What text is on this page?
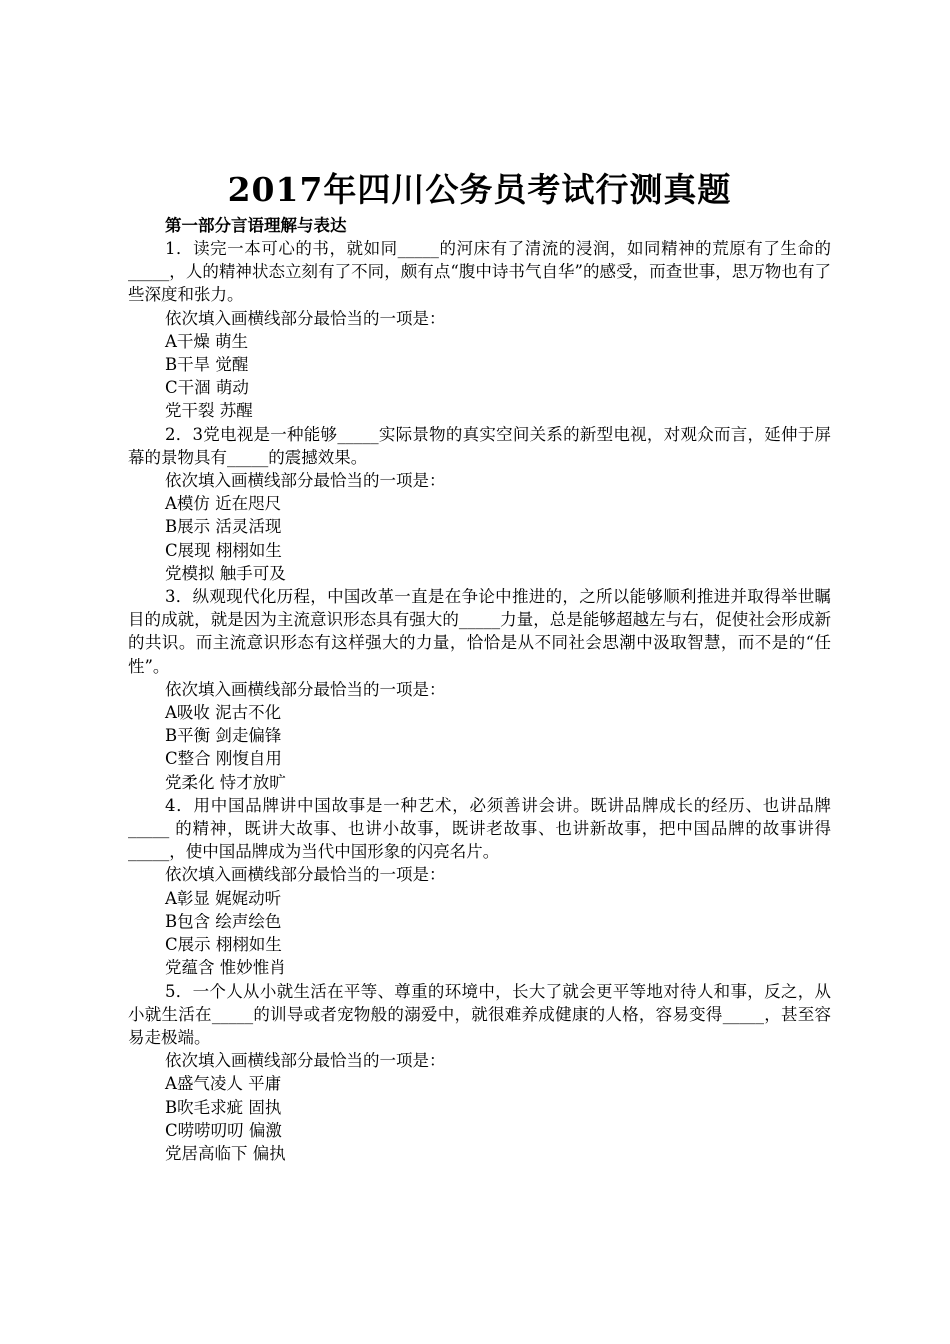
2017年四川公务员考试行测真题

第一部分言语理解与表达

1．读完一本可心的书，就如同_____的河床有了清流的浸润，如同精神的荒原有了生命的_____，人的精神状态立刻有了不同，颇有点“腹中诗书气自华”的感受，而查世事，思万物也有了些深度和张力。

依次填入画横线部分最恰当的一项是：

A干燥 萌生

B干旱 觉醒

C干涸 萌动

党干裂 苏醒

2．3党电视是一种能够_____实际景物的真实空间关系的新型电视，对观众而言，延伸于屏幕的景物具有_____的震撼效果。

依次填入画横线部分最恰当的一项是：

A模仿 近在咫尺

B展示 活灵活现

C展现 栩栩如生

党模拟 触手可及

3．纵观现代化历程，中国改革一直是在争论中推进的，之所以能够顺利推进并取得举世瞩目的成就，就是因为主流意识形态具有强大的_____力量，总是能够超越左与右，促使社会形成新的共识。而主流意识形态有这样强大的力量，恰恰是从不同社会思潮中汲取智慧，而不是的“任性”。

依次填入画横线部分最恰当的一项是：

A吸收 泥古不化

B平衡 剑走偏锋

C整合 刚愎自用

党柔化 恃才放旷

4．用中国品牌讲中国故事是一种艺术，必须善讲会讲。既讲品牌成长的经历、也讲品牌_____ 的精神，既讲大故事、也讲小故事，既讲老故事、也讲新故事，把中国品牌的故事讲得_____，使中国品牌成为当代中国形象的闪亮名片。

依次填入画横线部分最恰当的一项是：

A彰显 娓娓动听

B包含 绘声绘色

C展示 栩栩如生

党蕴含 惟妙惟肖

5．一个人从小就生活在平等、尊重的环境中，长大了就会更平等地对待人和事，反之，从小就生活在_____的训导或者宠物般的溺爱中，就很难养成健康的人格，容易变得_____，甚至容易走极端。

依次填入画横线部分最恰当的一项是：

A盛气凌人 平庸

B吹毛求疵 固执

C唠唠叨叨 偏激

党居高临下 偏执
